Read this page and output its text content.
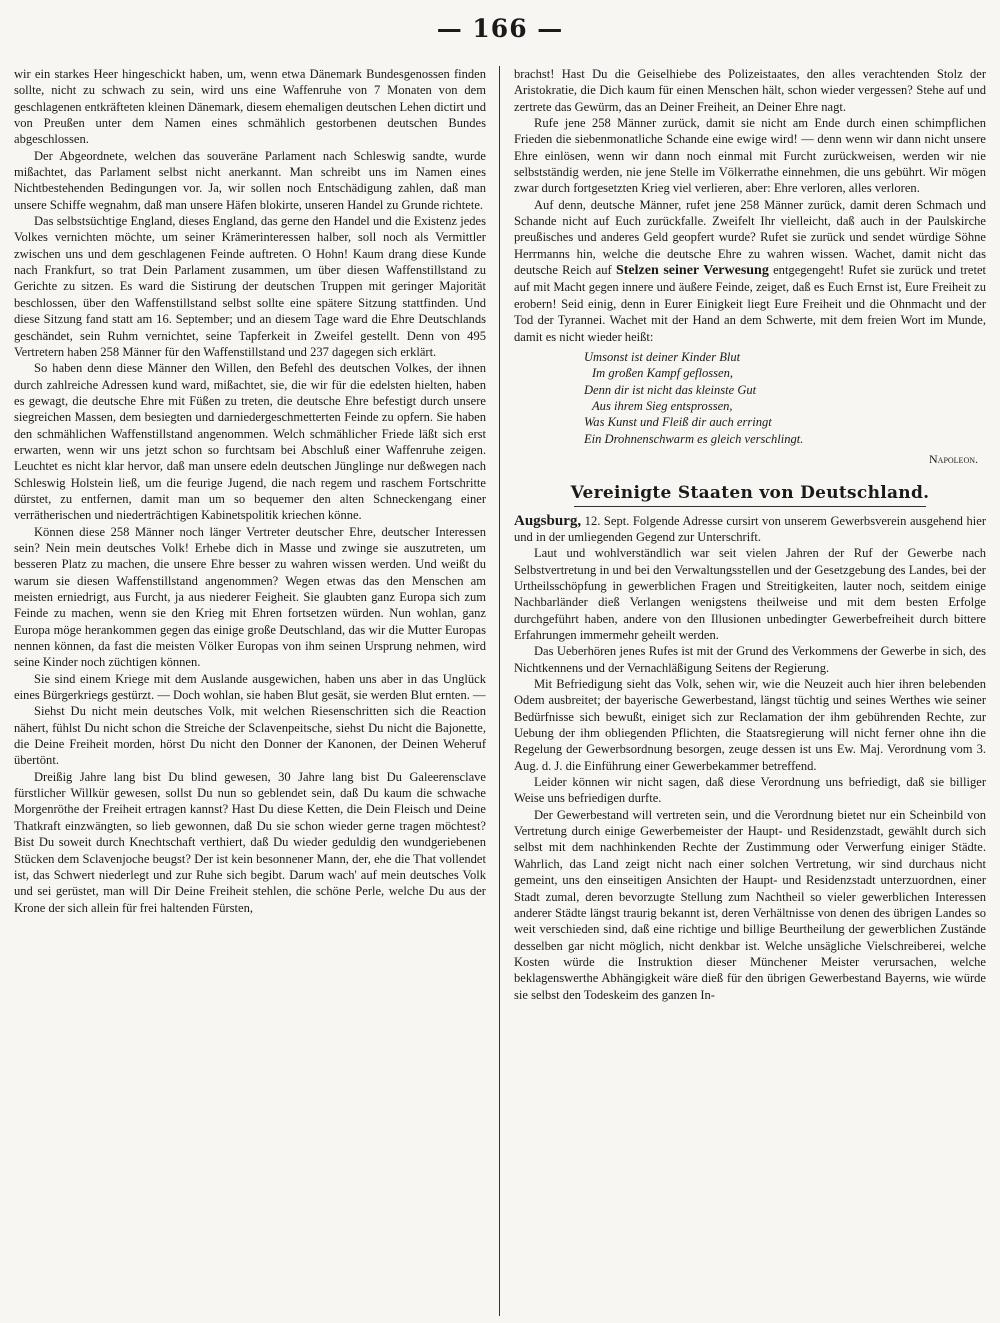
— 166 —

wir ein starkes Heer hingeschickt haben, um, wenn etwa Dänemark Bundesgenossen finden sollte, nicht zu schwach zu sein, wird uns eine Waffenruhe von 7 Monaten von dem geschlagenen entkräfteten kleinen Dänemark, diesem ehemaligen deutschen Lehen dictirt und von Preußen unter dem Namen eines schmählich gestorbenen deutschen Bundes abgeschlossen.

Der Abgeordnete, welchen das souveräne Parlament nach Schleswig sandte, wurde mißachtet, das Parlament selbst nicht anerkannt. Man schreibt uns im Namen eines Nichtbestehenden Bedingungen vor. Ja, wir sollen noch Entschädigung zahlen, daß man unsere Schiffe wegnahm, daß man unsere Häfen blokirte, unseren Handel zu Grunde richtete.

Das selbstsüchtige England, dieses England, das gerne den Handel und die Existenz jedes Volkes vernichten möchte, um seiner Krämerinteressen halber, soll noch als Vermittler zwischen uns und dem geschlagenen Feinde auftreten. O Hohn! Kaum drang diese Kunde nach Frankfurt, so trat Dein Parlament zusammen, um über diesen Waffenstillstand zu Gerichte zu sitzen. Es ward die Sistirung der deutschen Truppen mit geringer Majorität beschlossen, über den Waffenstillstand selbst sollte eine spätere Sitzung stattfinden. Und diese Sitzung fand statt am 16. September; und an diesem Tage ward die Ehre Deutschlands geschändet, sein Ruhm vernichtet, seine Tapferkeit in Zweifel gestellt. Denn von 495 Vertretern haben 258 Männer für den Waffenstillstand und 237 dagegen sich erklärt.

So haben denn diese Männer den Willen, den Befehl des deutschen Volkes, der ihnen durch zahlreiche Adressen kund ward, mißachtet, sie, die wir für die edelsten hielten, haben es gewagt, die deutsche Ehre mit Füßen zu treten, die deutsche Ehre befestigt durch unsere siegreichen Massen, dem besiegten und darniedergeschmetterten Feinde zu opfern. Sie haben den schmählichen Waffenstillstand angenommen. Welch schmählicher Friede läßt sich erst erwarten, wenn wir uns jetzt schon so furchtsam bei Abschluß einer Waffenruhe zeigen. Leuchtet es nicht klar hervor, daß man unsere edeln deutschen Jünglinge nur deßwegen nach Schleswig Holstein ließ, um die feurige Jugend, die nach regem und raschem Fortschritte dürstet, zu entfernen, damit man um so bequemer den alten Schneckengang einer verrätherischen und niederträchtigen Kabinetspolitik kriechen könne.

Können diese 258 Männer noch länger Vertreter deutscher Ehre, deutscher Interessen sein? Nein mein deutsches Volk! Erhebe dich in Masse und zwinge sie auszutreten, um besseren Platz zu machen, die unsere Ehre besser zu wahren wissen werden. Und weißt du warum sie diesen Waffenstillstand angenommen? Wegen etwas das den Menschen am meisten erniedrigt, aus Furcht, ja aus niederer Feigheit. Sie glaubten ganz Europa sich zum Feinde zu machen, wenn sie den Krieg mit Ehren fortsetzen würden. Nun wohlan, ganz Europa möge herankommen gegen das einige große Deutschland, das wir die Mutter Europas nennen können, da fast die meisten Völker Europas von ihm seinen Ursprung nehmen, wird seine Kinder noch züchtigen können.

Sie sind einem Kriege mit dem Auslande ausgewichen, haben uns aber in das Unglück eines Bürgerkriegs gestürzt. — Doch wohlan, sie haben Blut gesät, sie werden Blut ernten. —

Siehst Du nicht mein deutsches Volk, mit welchen Riesenschritten sich die Reaction nähert, fühlst Du nicht schon die Streiche der Sclavenpeitsche, siehst Du nicht die Bajonette, die Deine Freiheit morden, hörst Du nicht den Donner der Kanonen, der Deinen Weheruf übertönt.

Dreißig Jahre lang bist Du blind gewesen, 30 Jahre lang bist Du Galeerensclave fürstlicher Willkür gewesen, sollst Du nun so geblendet sein, daß Du kaum die schwache Morgenröthe der Freiheit ertragen kannst? Hast Du diese Ketten, die Dein Fleisch und Deine Thatkraft einzwängten, so lieb gewonnen, daß Du sie schon wieder gerne tragen möchtest? Bist Du soweit durch Knechtschaft verthiert, daß Du wieder geduldig den wundgeriebenen Stücken dem Sclavenjoche beugst? Der ist kein besonnener Mann, der, ehe die That vollendet ist, das Schwert niederlegt und zur Ruhe sich begibt. Darum wach' auf mein deutsches Volk und sei gerüstet, man will Dir Deine Freiheit stehlen, die schöne Perle, welche Du aus der Krone der sich allein für frei haltenden Fürsten,

brachst! Hast Du die Geiselhiebe des Polizeistaates, den alles verachtenden Stolz der Aristokratie, die Dich kaum für einen Menschen hält, schon wieder vergessen? Stehe auf und zertrete das Gewürm, das an Deiner Freiheit, an Deiner Ehre nagt.

Rufe jene 258 Männer zurück, damit sie nicht am Ende durch einen schimpflichen Frieden die siebenmonatliche Schande eine ewige wird! — denn wenn wir dann nicht unsere Ehre einlösen, wenn wir dann noch einmal mit Furcht zurückweisen, werden wir nie selbstständig werden, nie jene Stelle im Völkerrathe einnehmen, die uns gebührt. Wir mögen zwar durch fortgesetzten Krieg viel verlieren, aber: Ehre verloren, alles verloren.

Auf denn, deutsche Männer, rufet jene 258 Männer zurück, damit deren Schmach und Schande nicht auf Euch zurückfalle. Zweifelt Ihr vielleicht, daß auch in der Paulskirche preußisches und anderes Geld geopfert wurde? Rufet sie zurück und sendet würdige Söhne Herrmanns hin, welche die deutsche Ehre zu wahren wissen. Wachet, damit nicht das deutsche Reich auf Stelzen seiner Verwesung entgegengeht! Rufet sie zurück und tretet auf mit Macht gegen innere und äußere Feinde, zeiget, daß es Euch Ernst ist, Eure Freiheit zu erobern! Seid einig, denn in Eurer Einigkeit liegt Eure Freiheit und die Ohnmacht und der Tod der Tyrannei. Wachet mit der Hand an dem Schwerte, mit dem freien Wort im Munde, damit es nicht wieder heißt:

Umsonst ist deiner Kinder Blut
Im großen Kampf geflossen,
Denn dir ist nicht das kleinste Gut
Aus ihrem Sieg entsprossen,
Was Kunst und Fleiß dir auch erringt
Ein Drohnenschwarm es gleich verschlingt.
Napoleon.
Vereinigte Staaten von Deutschland.

Augsburg, 12. Sept. Folgende Adresse cursirt von unserem Gewerbsverein ausgehend hier und in der umliegenden Gegend zur Unterschrift.

Laut und wohlverständlich war seit vielen Jahren der Ruf der Gewerbe nach Selbstvertretung in und bei den Verwaltungsstellen und der Gesetzgebung des Landes, bei der Urtheilsschöpfung in gewerblichen Fragen und Streitigkeiten, lauter noch, seitdem einige Nachbarländer dieß Verlangen wenigstens theilweise und mit dem besten Erfolge durchgeführt haben, andere von den Illusionen unbedingter Gewerbefreiheit durch bittere Erfahrungen immermehr geheilt werden.

Das Ueberhören jenes Rufes ist mit der Grund des Verkommens der Gewerbe in sich, des Nichtkennens und der Vernachläßigung Seitens der Regierung.

Mit Befriedigung sieht das Volk, sehen wir, wie die Neuzeit auch hier ihren belebenden Odem ausbreitet; der bayerische Gewerbestand, längst tüchtig und seines Werthes wie seiner Bedürfnisse sich bewußt, einiget sich zur Reclamation der ihm gebührenden Rechte, zur Uebung der ihm obliegenden Pflichten, die Staatsregierung will nicht ferner ohne ihn die Regelung der Gewerbsordnung besorgen, zeuge dessen ist uns Ew. Maj. Verordnung vom 3. Aug. d. J. die Einführung einer Gewerbekammer betreffend.

Leider können wir nicht sagen, daß diese Verordnung uns befriedigt, daß sie billiger Weise uns befriedigen durfte.

Der Gewerbestand will vertreten sein, und die Verordnung bietet nur ein Scheinbild von Vertretung durch einige Gewerbemeister der Haupt- und Residenzstadt, gewählt durch sich selbst mit dem nachhinkenden Rechte der Zustimmung oder Verwerfung einiger Städte. Wahrlich, das Land zeigt nicht nach einer solchen Vertretung, wir sind durchaus nicht gemeint, uns den einseitigen Ansichten der Haupt- und Residenzstadt unterzuordnen, einer Stadt zumal, deren bevorzugte Stellung zum Nachtheil so vieler gewerblichen Interessen anderer Städte längst traurig bekannt ist, deren Verhältnisse von denen des übrigen Landes so weit verschieden sind, daß eine richtige und billige Beurtheilung der gewerblichen Zustände desselben gar nicht möglich, nicht denkbar ist. Welche unsägliche Vielschreiberei, welche Kosten würde die Instruktion dieser Münchener Meister verursachen, welche beklagenswerthe Abhängigkeit wäre dieß für den übrigen Gewerbestand Bayerns, wie würde sie selbst den Todeskeim des ganzen In-
